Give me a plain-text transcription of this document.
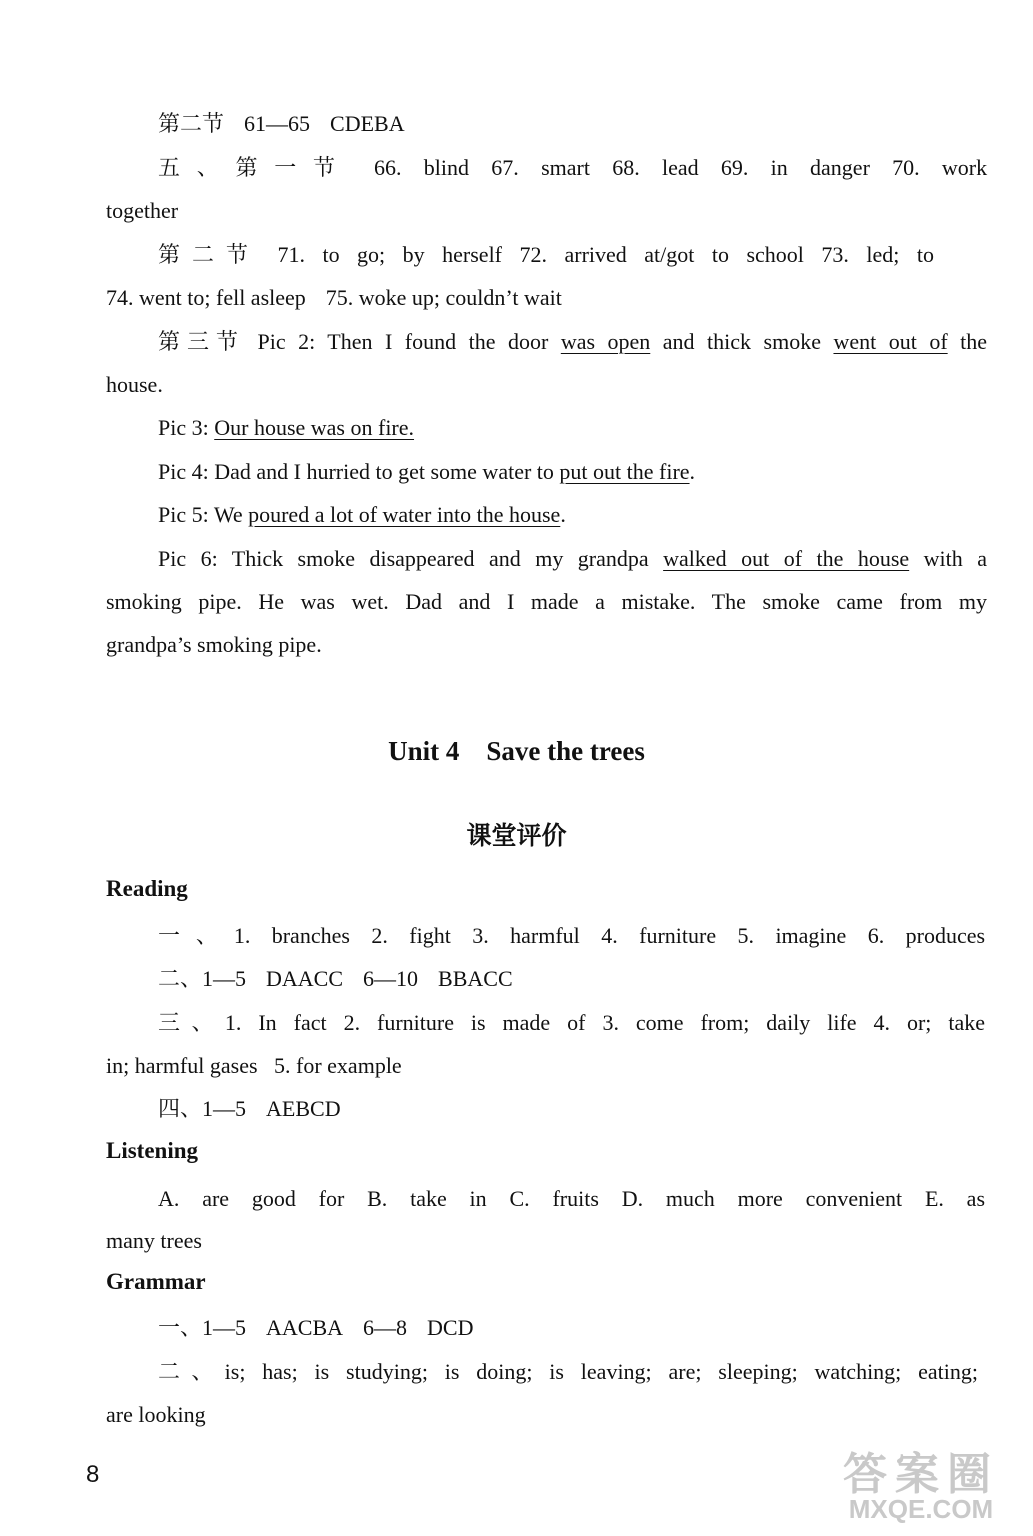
第二节 61—65 CDEBA
五、第一节 66. blind 67. smart 68. lead 69. in danger 70. work
together
第二节 71. to go; by herself 72. arrived at/got to school 73. led; to
74. went to; fell asleep 75. woke up; couldn’t wait
第三节 Pic 2: Then I found the door was open and thick smoke went out of the
house.
Pic 3: Our house was on fire.
Pic 4: Dad and I hurried to get some water to put out the fire.
Pic 5: We poured a lot of water into the house.
Pic 6: Thick smoke disappeared and my grandpa walked out of the house with a
smoking pipe. He was wet. Dad and I made a mistake. The smoke came from my
grandpa’s smoking pipe.
Unit 4    Save the trees
课堂评价
Reading
一、1. branches 2. fight 3. harmful 4. furniture 5. imagine 6. produces
二、1—5 DAACC 6—10 BBACC
三、1. In fact 2. furniture is made of 3. come from; daily life 4. or; take
in; harmful gases   5. for example
四、1—5 AEBCD
Listening
A. are good for B. take in C. fruits D. much more convenient E. as
many trees
Grammar
一、1—5 AACBA 6—8 DCD
二、is; has; is studying; is doing; is leaving; are; sleeping; watching; eating;
are looking
8	答案圈
MXQE.COM
